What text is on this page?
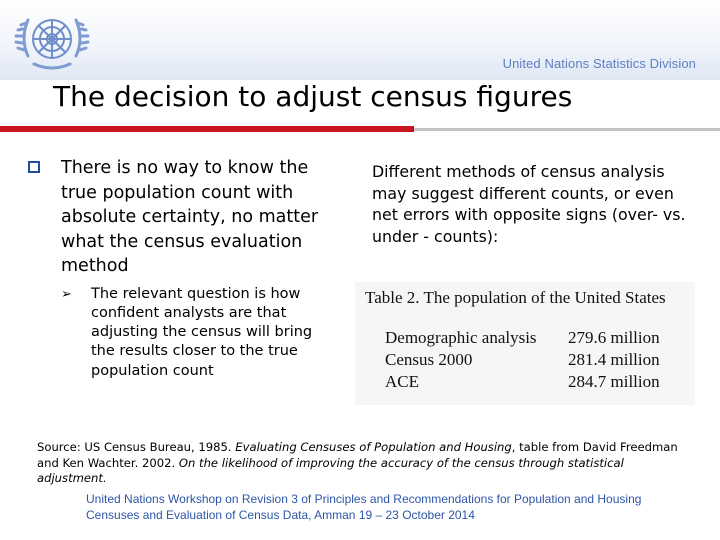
United Nations Statistics Division
The decision to adjust census figures
There is no way to know the true population count with absolute certainty, no matter what the census evaluation method
➢	The relevant question is how confident analysts are that adjusting the census will bring the results closer to the true population count
Different methods of census analysis may suggest different counts, or even net errors with opposite signs (over- vs. under - counts):
Table 2. The population of the United States
Demographic analysis 279.6 million
Census 2000	281.4 million
ACE	284.7 million
Source: US Census Bureau, 1985. Evaluating Censuses of Population and Housing, table from David Freedman and Ken Wachter. 2002. On the likelihood of improving the accuracy of the census through statistical adjustment.
United Nations Workshop on Revision 3 of Principles and Recommendations for Population and Housing Censuses and Evaluation of Census Data, Amman 19 – 23 October 2014
